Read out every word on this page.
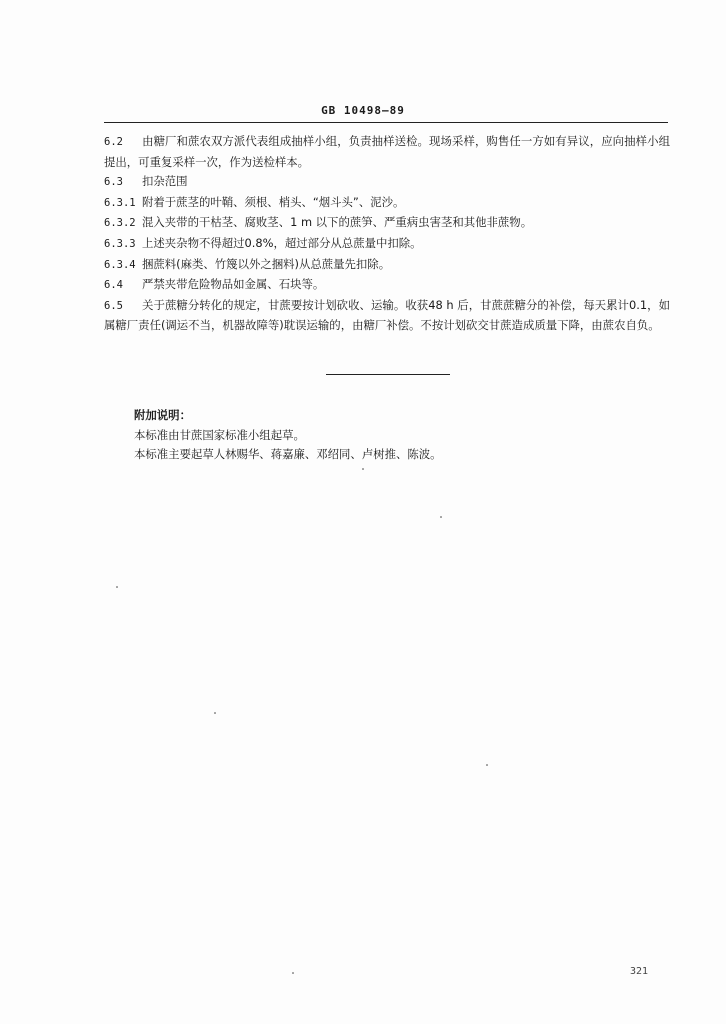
GB 10498—89

6.2 由糖厂和蔗农双方派代表组成抽样小组，负责抽样送检。现场采样，购售任一方如有异议，应向抽样小组提出，可重复采样一次，作为送检样本。

6.3 扣杂范围

6.3.1 附着于蔗茎的叶鞘、须根、梢头、“烟斗头”、泥沙。

6.3.2 混入夹带的干枯茎、腐败茎、1 m 以下的蔗笋、严重病虫害茎和其他非蔗物。

6.3.3 上述夹杂物不得超过0.8%，超过部分从总蔗量中扣除。

6.3.4 捆蔗料(麻类、竹篾以外之捆料)从总蔗量先扣除。

6.4 严禁夹带危险物品如金属、石块等。

6.5 关于蔗糖分转化的规定，甘蔗要按计划砍收、运输。收获48 h 后，甘蔗蔗糖分的补偿，每天累计0.1，如属糖厂责任(调运不当，机器故障等)耽误运输的，由糖厂补偿。不按计划砍交甘蔗造成质量下降，由蔗农自负。

附加说明：
本标准由甘蔗国家标准小组起草。
本标准主要起草人林赐华、蒋嘉廉、邓绍同、卢树推、陈波。
321
